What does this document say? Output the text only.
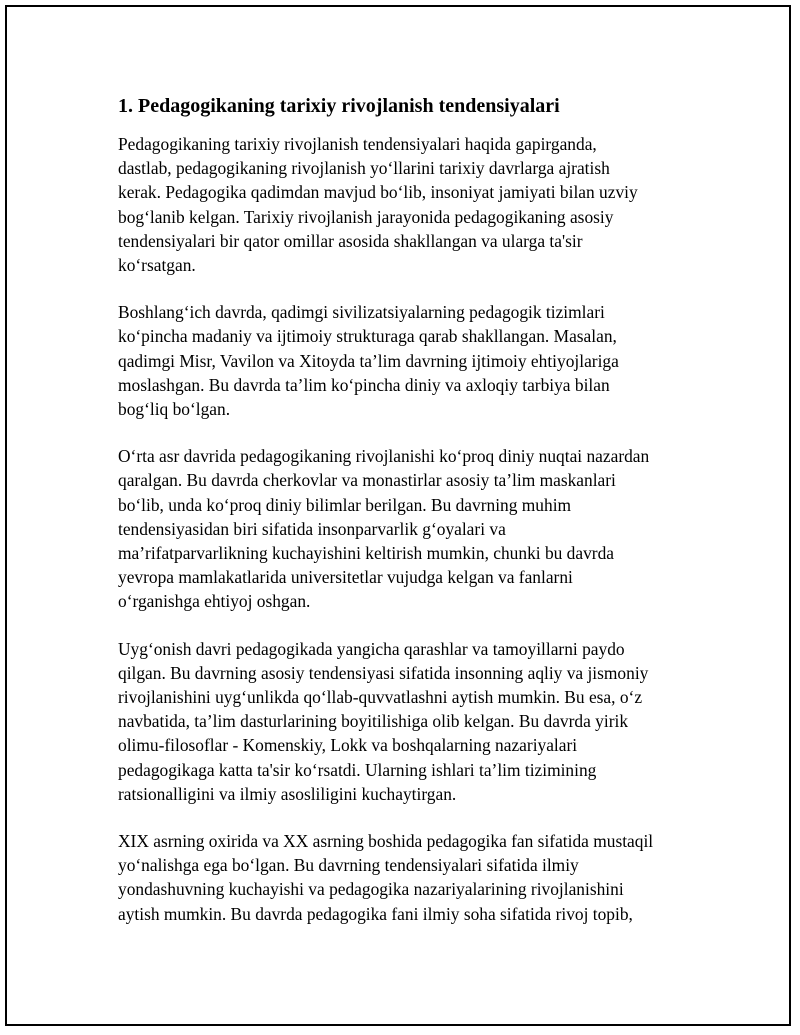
1. Pedagogikaning tarixiy rivojlanish tendensiyalari
Pedagogikaning tarixiy rivojlanish tendensiyalari haqida gapirganda,
dastlab, pedagogikaning rivojlanish yo‘llarini tarixiy davrlarga ajratish
kerak. Pedagogika qadimdan mavjud bo‘lib, insoniyat jamiyati bilan uzviy
bog‘lanib kelgan. Tarixiy rivojlanish jarayonida pedagogikaning asosiy
tendensiyalari bir qator omillar asosida shakllangan va ularga ta'sir
ko‘rsatgan.
Boshlang‘ich davrda, qadimgi sivilizatsiyalarning pedagogik tizimlari
ko‘pincha madaniy va ijtimoiy strukturaga qarab shakllangan. Masalan,
qadimgi Misr, Vavilon va Xitoyda ta’lim davrning ijtimoiy ehtiyojlariga
moslashgan. Bu davrda ta’lim ko‘pincha diniy va axloqiy tarbiya bilan
bog‘liq bo‘lgan.
O‘rta asr davrida pedagogikaning rivojlanishi ko‘proq diniy nuqtai nazardan
qaralgan. Bu davrda cherkovlar va monastirlar asosiy ta’lim maskanlari
bo‘lib, unda ko‘proq diniy bilimlar berilgan. Bu davrning muhim
tendensiyasidan biri sifatida insonparvarlik g‘oyalari va
ma’rifatparvarlikning kuchayishini keltirish mumkin, chunki bu davrda
yevropa mamlakatlarida universitetlar vujudga kelgan va fanlarni
o‘rganishga ehtiyoj oshgan.
Uyg‘onish davri pedagogikada yangicha qarashlar va tamoyillarni paydo
qilgan. Bu davrning asosiy tendensiyasi sifatida insonning aqliy va jismoniy
rivojlanishini uyg‘unlikda qo‘llab-quvvatlashni aytish mumkin. Bu esa, o‘z
navbatida, ta’lim dasturlarining boyitilishiga olib kelgan. Bu davrda yirik
olimu-filosoflar - Komenskiy, Lokk va boshqalarning nazariyalari
pedagogikaga katta ta'sir ko‘rsatdi. Ularning ishlari ta’lim tizimining
ratsionalligini va ilmiy asosliligini kuchaytirgan.
XIX asrning oxirida va XX asrning boshida pedagogika fan sifatida mustaqil
yo‘nalishga ega bo‘lgan. Bu davrning tendensiyalari sifatida ilmiy
yondashuvning kuchayishi va pedagogika nazariyalarining rivojlanishini
aytish mumkin. Bu davrda pedagogika fani ilmiy soha sifatida rivoj topib,
